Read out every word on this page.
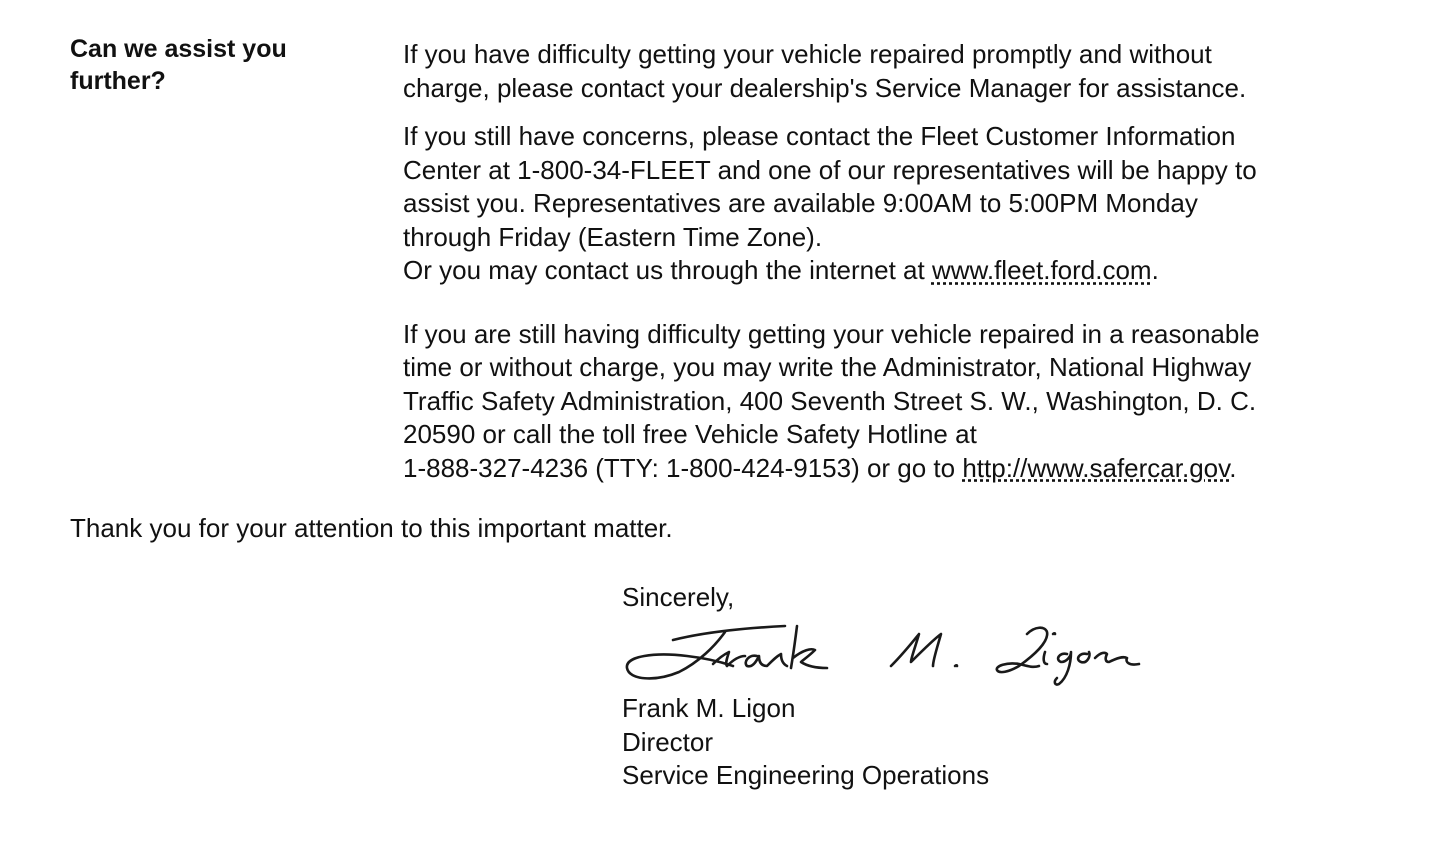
Can we assist you
further?

If you have difficulty getting your vehicle repaired promptly and without
charge, please contact your dealership's Service Manager for assistance.

If you still have concerns, please contact the Fleet Customer Information
Center at 1-800-34-FLEET and one of our representatives will be happy to
assist you. Representatives are available 9:00AM to 5:00PM Monday
through Friday (Eastern Time Zone).
Or you may contact us through the internet at www.fleet.ford.com.

If you are still having difficulty getting your vehicle repaired in a reasonable
time or without charge, you may write the Administrator, National Highway
Traffic Safety Administration, 400 Seventh Street S. W., Washington, D. C.
20590 or call the toll free Vehicle Safety Hotline at
1-888-327-4236 (TTY: 1-800-424-9153) or go to http://www.safercar.gov.

Thank you for your attention to this important matter.
Sincerely,
Frank M. Ligon
Director
Service Engineering Operations
